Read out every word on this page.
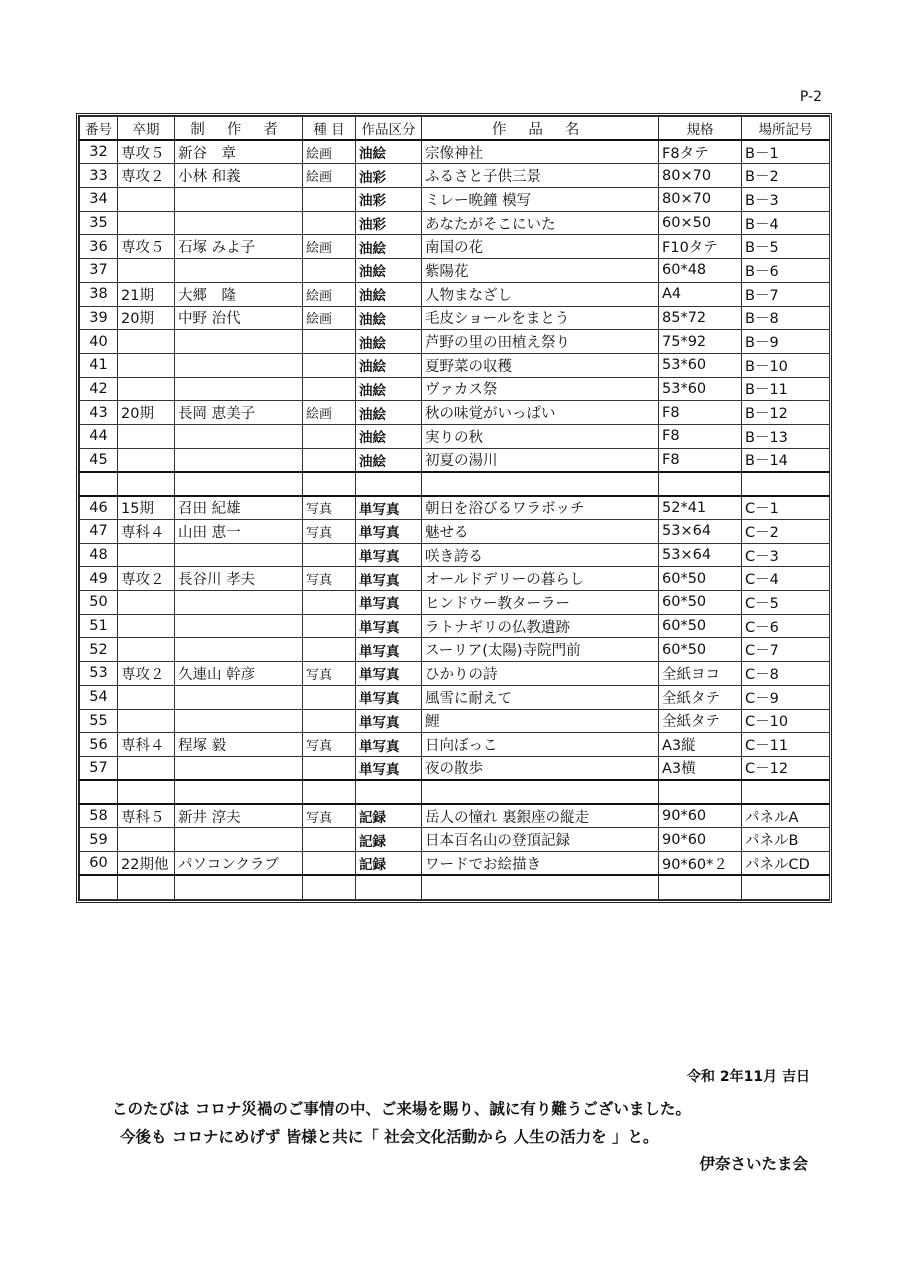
P-2
番号	卒期	制 作 者	種 目	作品区分	作 品 名	規格	場所記号
32	専攻５	新谷　章	絵画	油絵	宗像神社	F8タテ	B－1
33	専攻２	小林 和義	絵画	油彩	ふるさと子供三景	80×70	B－2
34				油彩	ミレー晩鐘 模写	80×70	B－3
35				油彩	あなたがそこにいた	60×50	B－4
36	専攻５	石塚 みよ子	絵画	油絵	南国の花	F10タテ	B－5
37				油絵	紫陽花	60*48	B－6
38	21期	大郷　隆	絵画	油絵	人物まなざし	A4	B－7
39	20期	中野 治代	絵画	油絵	毛皮ショールをまとう	85*72	B－8
40				油絵	芦野の里の田植え祭り	75*92	B－9
41				油絵	夏野菜の収穫	53*60	B－10
42				油絵	ヴァカス祭	53*60	B－11
43	20期	長岡 恵美子	絵画	油絵	秋の味覚がいっぱい	F8	B－12
44				油絵	実りの秋	F8	B－13
45				油絵	初夏の湯川	F8	B－14

46	15期	召田 紀雄	写真	単写真	朝日を浴びるワラボッチ	52*41	C－1
47	専科４	山田 恵一	写真	単写真	魅せる	53×64	C－2
48				単写真	咲き誇る	53×64	C－3
49	専攻２	長谷川 孝夫	写真	単写真	オールドデリーの暮らし	60*50	C－4
50				単写真	ヒンドウー教ターラー	60*50	C－5
51				単写真	ラトナギリの仏教遺跡	60*50	C－6
52				単写真	スーリア(太陽)寺院門前	60*50	C－7
53	専攻２	久連山 幹彦	写真	単写真	ひかりの詩	全紙ヨコ	C－8
54				単写真	風雪に耐えて	全紙タテ	C－9
55				単写真	鯉	全紙タテ	C－10
56	専科４	程塚 毅	写真	単写真	日向ぼっこ	A3縦	C－11
57				単写真	夜の散歩	A3横	C－12

58	専科５	新井 淳夫	写真	記録	岳人の憧れ 裏銀座の縦走	90*60	パネルA
59				記録	日本百名山の登頂記録	90*60	パネルB
60	22期他	パソコンクラブ		記録	ワードでお絵描き	90*60*２	パネルCD

令和 2年11月 吉日
このたびは コロナ災禍のご事情の中、ご来場を賜り、誠に有り難うございました。
今後も コロナにめげず 皆様と共に「 社会文化活動から 人生の活力を 」と。
伊奈さいたま会
